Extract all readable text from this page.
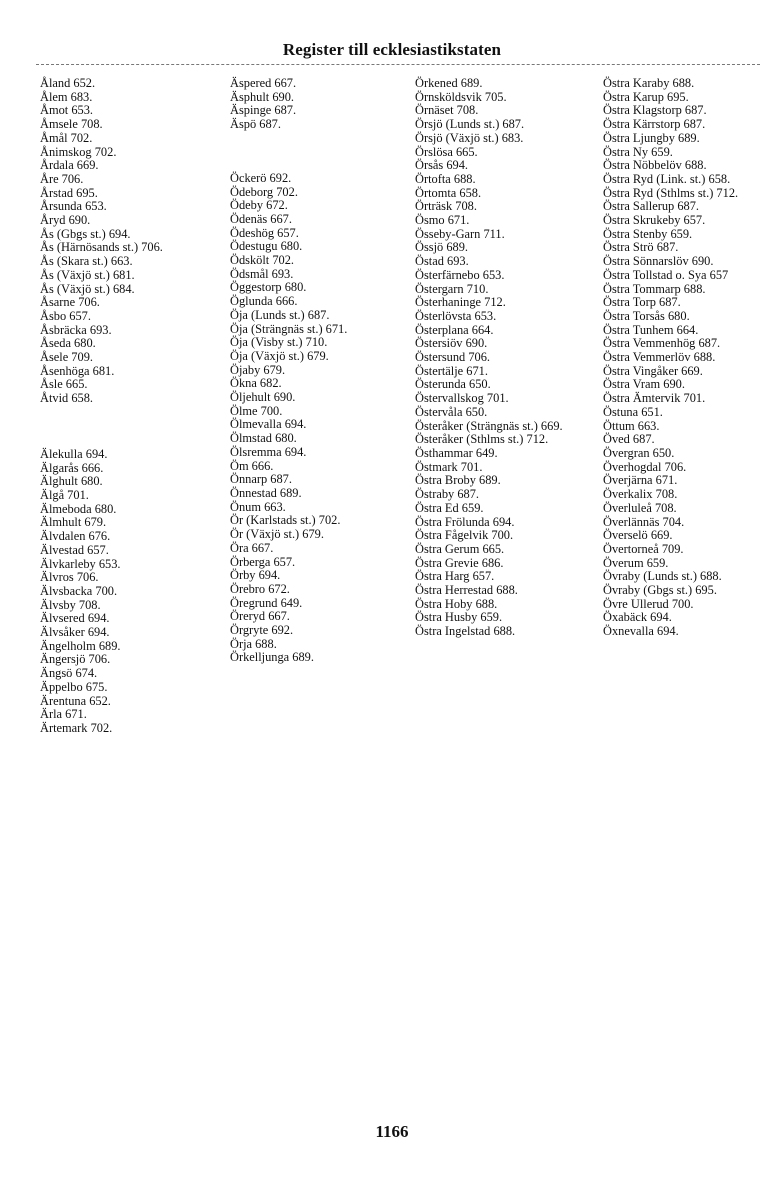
Register till ecklesiastikstaten
Åland 652.
Ålem 683.
Åmot 653.
Åmsele 708.
Åmål 702.
Ånimskog 702.
Årdala 669.
Åre 706.
Årstad 695.
Årsunda 653.
Åryd 690.
Ås (Gbgs st.) 694.
Ås (Härnösands st.) 706.
Ås (Skara st.) 663.
Ås (Växjö st.) 681.
Ås (Växjö st.) 684.
Åsarne 706.
Åsbo 657.
Åsbräcka 693.
Åseda 680.
Åsele 709.
Åsenhöga 681.
Åsle 665.
Åtvid 658.
Älekulla 694.
Älgarås 666.
Älghult 680.
Älgå 701.
Älmeboda 680.
Älmhult 679.
Älvdalen 676.
Älvestad 657.
Älvkarleby 653.
Älvros 706.
Älvsbacka 700.
Älvsby 708.
Älvsered 694.
Älvsåker 694.
Ängelholm 689.
Ängersjö 706.
Ängsö 674.
Äppelbo 675.
Ärentuna 652.
Ärla 671.
Ärtemark 702.
Äspered 667.
Äsphult 690.
Äspinge 687.
Äspö 687.
Öckerö 692.
Ödeborg 702.
Ödeby 672.
Ödenäs 667.
Ödeshög 657.
Ödestugu 680.
Ödskölt 702.
Ödsmål 693.
Öggestorp 680.
Öglunda 666.
Öja (Lunds st.) 687.
Öja (Strängnäs st.) 671.
Öja (Visby st.) 710.
Öja (Växjö st.) 679.
Öjaby 679.
Ökna 682.
Öljehult 690.
Ölme 700.
Ölmevalla 694.
Ölmstad 680.
Ölsremma 694.
Öm 666.
Önnarp 687.
Önnestad 689.
Önum 663.
Ör (Karlstads st.) 702.
Ör (Växjö st.) 679.
Öra 667.
Örberga 657.
Örby 694.
Örebro 672.
Öregrund 649.
Öreryd 667.
Örgryte 692.
Örja 688.
Örkelljunga 689.
Örkened 689.
Örnsköldsvik 705.
Örnäset 708.
Örsjö (Lunds st.) 687.
Örsjö (Växjö st.) 683.
Örslösa 665.
Örsås 694.
Örtofta 688.
Örtomta 658.
Örträsk 708.
Ösmo 671.
Össeby-Garn 711.
Össjö 689.
Östad 693.
Österfärnebo 653.
Östergarn 710.
Österhaninge 712.
Österlövsta 653.
Österplana 664.
Östersiöv 690.
Östersund 706.
Östertälje 671.
Österunda 650.
Östervallskog 701.
Östervåla 650.
Österåker (Strängnäs st.) 669.
Österåker (Sthlms st.) 712.
Östhammar 649.
Östmark 701.
Östra Broby 689.
Östraby 687.
Östra Ed 659.
Östra Frölunda 694.
Östra Fågelvik 700.
Östra Gerum 665.
Östra Grevie 686.
Östra Harg 657.
Östra Herrestad 688.
Östra Hoby 688.
Östra Husby 659.
Östra Ingelstad 688.
Östra Karaby 688.
Östra Karup 695.
Östra Klagstorp 687.
Östra Kärrstorp 687.
Östra Ljungby 689.
Östra Ny 659.
Östra Nöbbelöv 688.
Östra Ryd (Link. st.) 658.
Östra Ryd (Sthlms st.) 712.
Östra Sallerup 687.
Östra Skrukeby 657.
Östra Stenby 659.
Östra Strö 687.
Östra Sönnarslöv 690.
Östra Tollstad o. Sya 657
Östra Tommarp 688.
Östra Torp 687.
Östra Torsås 680.
Östra Tunhem 664.
Östra Vemmenhög 687.
Östra Vemmerlöv 688.
Östra Vingåker 669.
Östra Vram 690.
Östra Ämtervik 701.
Östuna 651.
Öttum 663.
Öved 687.
Övergran 650.
Överhogdal 706.
Överjärna 671.
Överkalix 708.
Överluleå 708.
Överlännäs 704.
Överselö 669.
Övertorneå 709.
Överum 659.
Övraby (Lunds st.) 688.
Övraby (Gbgs st.) 695.
Övre Ullerud 700.
Öxabäck 694.
Öxnevalla 694.
1166
